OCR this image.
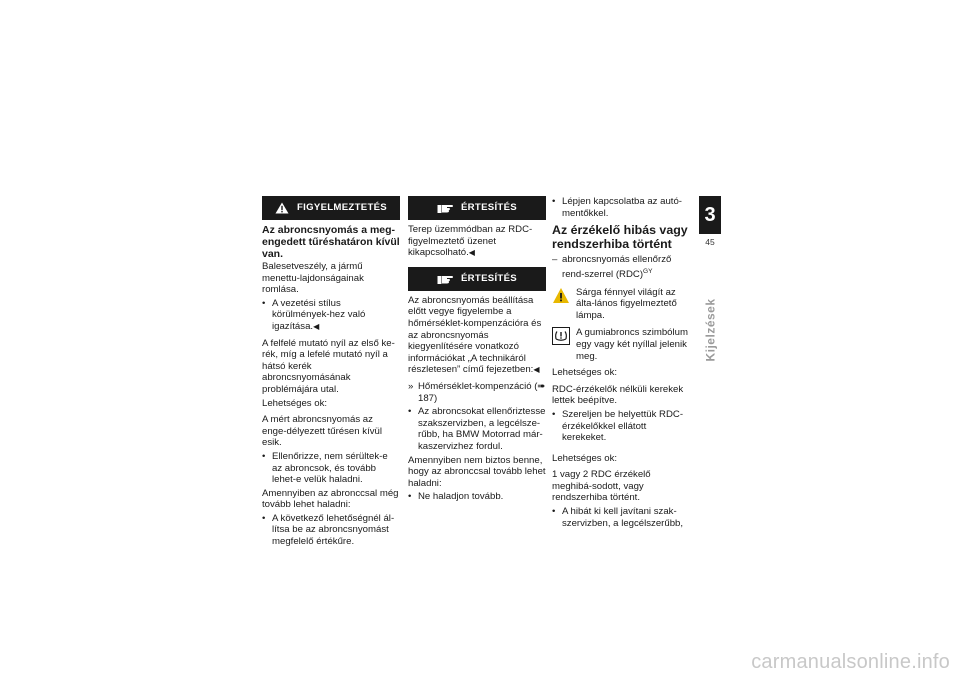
FIGYELMEZTETÉS

Az abroncsnyomás a meg-engedett tűréshatáron kívül van.

Balesetveszély, a jármű menettu-lajdonságainak romlása.

• A vezetési stílus körülmények-hez való igazítása.◀

A felfelé mutató nyíl az első ke-rék, míg a lefelé mutató nyíl a hátsó kerék abroncsnyomásának problémájára utal.

Lehetséges ok:

A mért abroncsnyomás az enge-délyezett tűrésen kívül esik.

• Ellenőrizze, nem sérültek-e az abroncsok, és tovább lehet-e velük haladni.

Amennyiben az abronccsal még tovább lehet haladni:

• A következő lehetőségnél ál-lítsa be az abroncsnyomást megfelelő értékűre.

ÉRTESÍTÉS

Terep üzemmódban az RDC-figyelmeztető üzenet kikapcsolható.◀

ÉRTESÍTÉS

Az abroncsnyomás beállítása előtt vegye figyelembe a hőmérséklet-kompenzációra és az abroncsnyomás kiegyenlítésére vonatkozó információkat „A technikáról részletesen” című fejezetben:◀

» Hőmérséklet-kompenzáció (➠ 187)

• Az abroncsokat ellenőriztesse szakszervizben, a legcélsze-rűbb, ha BMW Motorrad már-kaszervizhez fordul.

Amennyiben nem biztos benne, hogy az abronccsal tovább lehet haladni:

• Ne haladjon tovább.

• Lépjen kapcsolatba az autó-mentőkkel.

Az érzékelő hibás vagy rendszerhiba történt

– abroncsnyomás ellenőrző rend-szerrel (RDC)$^{GY}$

Sárga fénnyel világít az álta-lános figyelmeztető lámpa.
A gumiabroncs szimbólum egy vagy két nyíllal jelenik meg.

Lehetséges ok:

RDC-érzékelők nélküli kerekek lettek beépítve.

• Szereljen be helyettük RDC-érzékelőkkel ellátott kerekeket.

Lehetséges ok:

1 vagy 2 RDC érzékelő meghibá-sodott, vagy rendszerhiba történt.

• A hibát ki kell javítani szak-szervizben, a legcélszerűbb,

3
45
Kijelzések
carmanualsonline.info
